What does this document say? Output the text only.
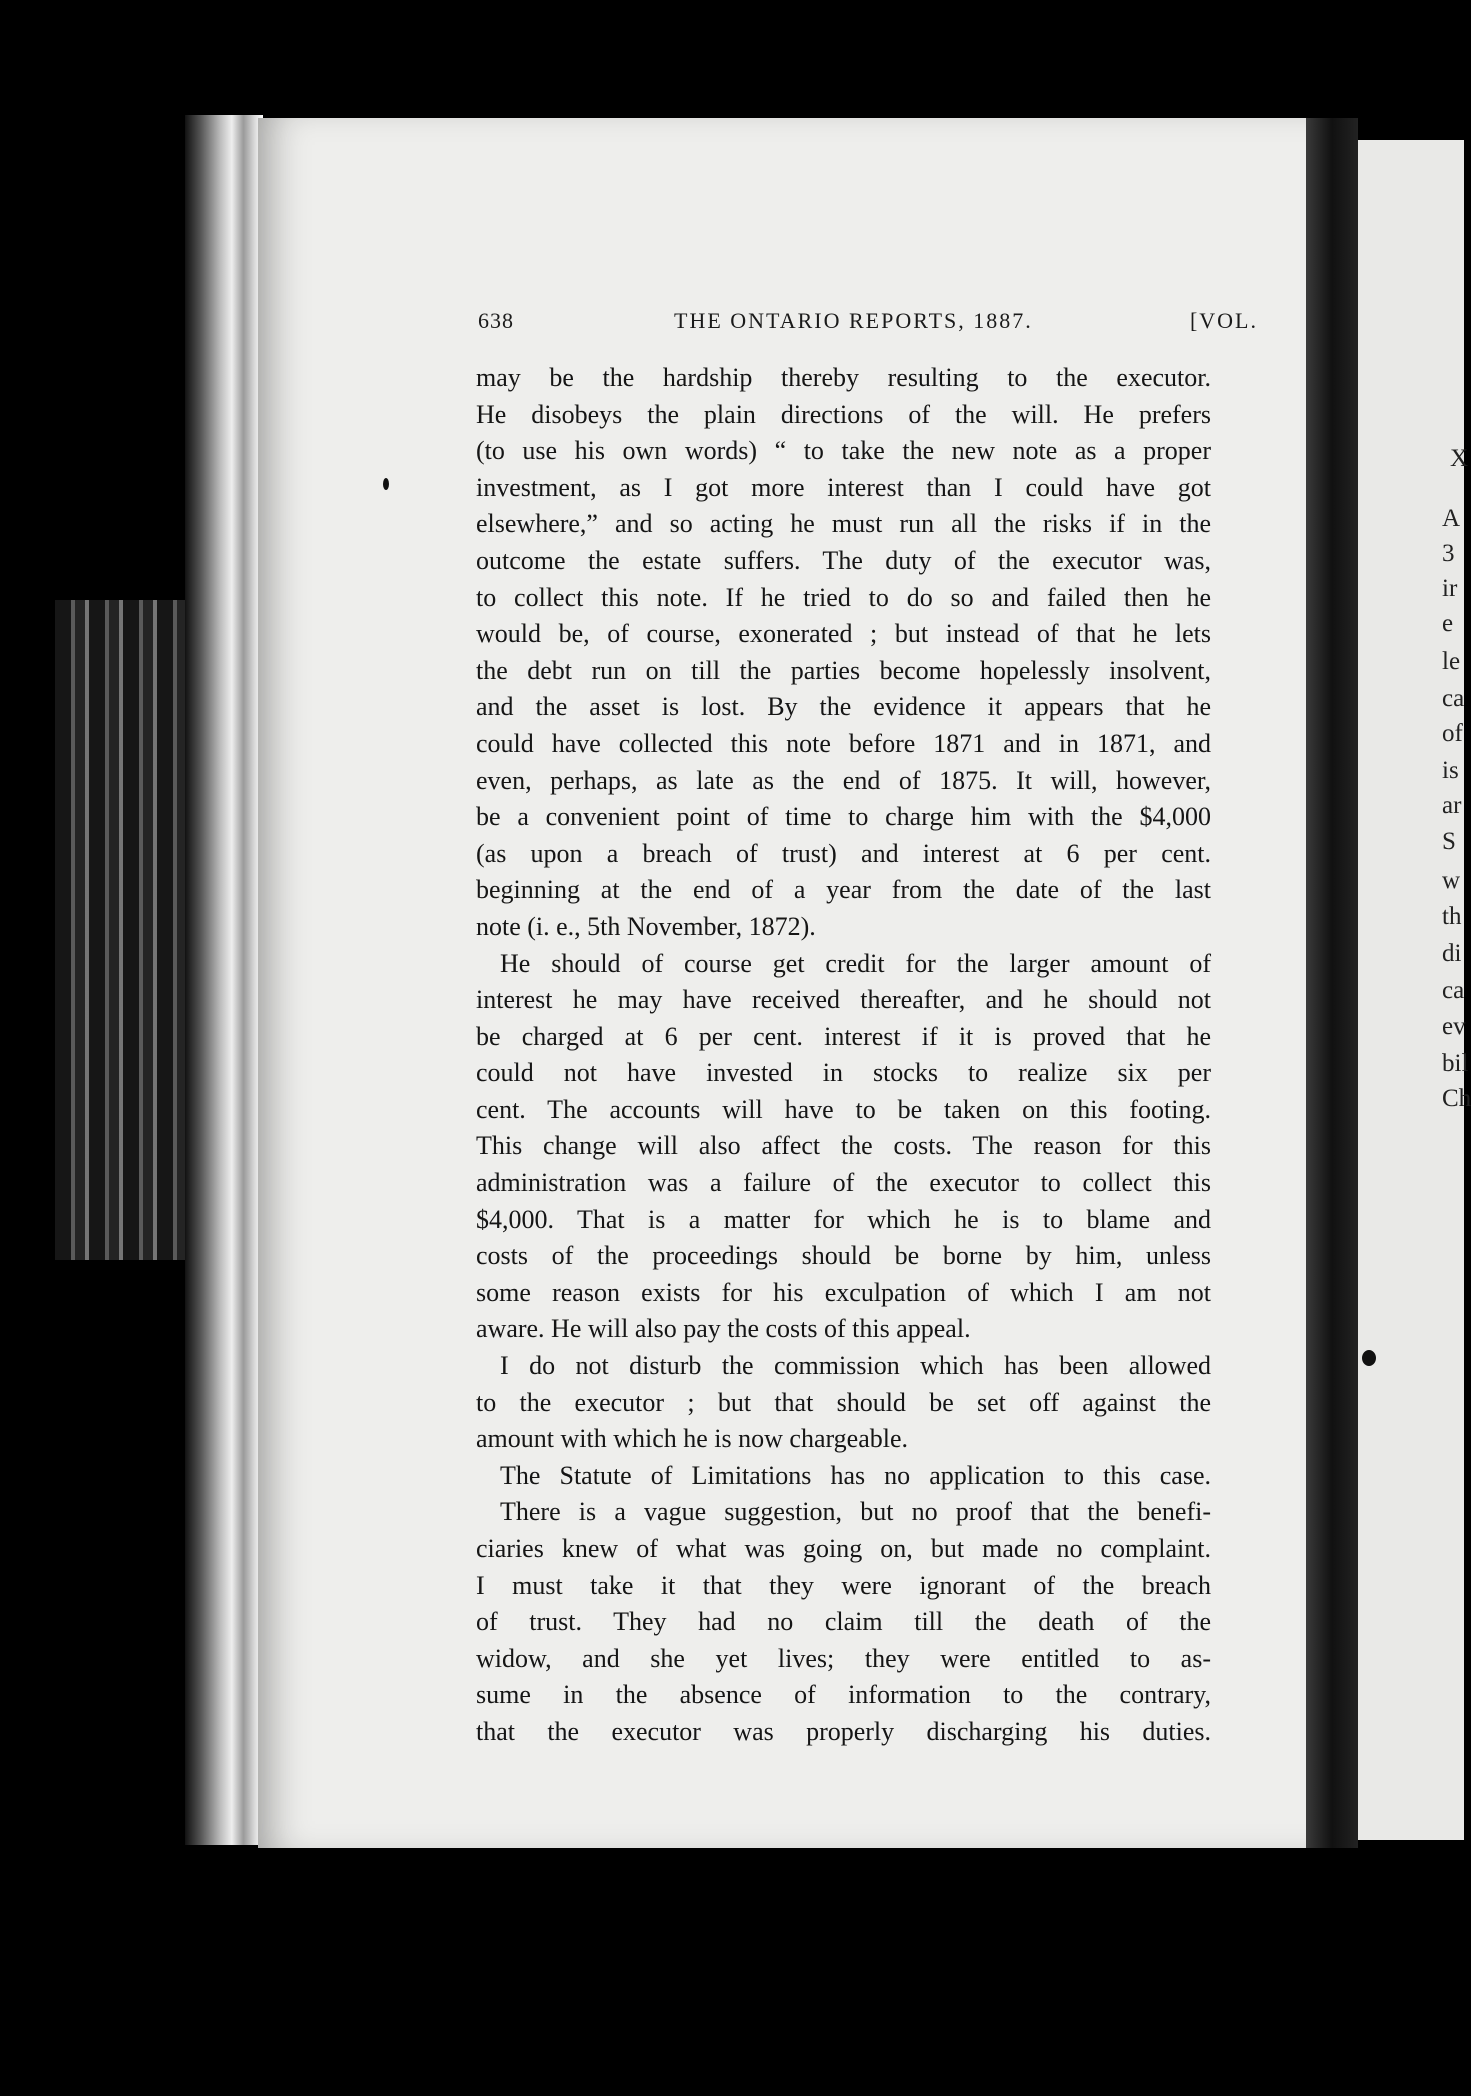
638	THE ONTARIO REPORTS, 1887.	[VOL.
may be the hardship thereby resulting to the executor.
He disobeys the plain directions of the will. He prefers
(to use his own words) “ to take the new note as a proper
investment, as I got more interest than I could have got
elsewhere,” and so acting he must run all the risks if in the
outcome the estate suffers. The duty of the executor was,
to collect this note. If he tried to do so and failed then he
would be, of course, exonerated ; but instead of that he lets
the debt run on till the parties become hopelessly insolvent,
and the asset is lost. By the evidence it appears that he
could have collected this note before 1871 and in 1871, and
even, perhaps, as late as the end of 1875. It will, however,
be a convenient point of time to charge him with the $4,000
(as upon a breach of trust) and interest at 6 per cent.
beginning at the end of a year from the date of the last
note (i. e., 5th November, 1872).
He should of course get credit for the larger amount of
interest he may have received thereafter, and he should not
be charged at 6 per cent. interest if it is proved that he
could not have invested in stocks to realize six per
cent. The accounts will have to be taken on this footing.
This change will also affect the costs. The reason for this
administration was a failure of the executor to collect this
$4,000. That is a matter for which he is to blame and
costs of the proceedings should be borne by him, unless
some reason exists for his exculpation of which I am not
aware. He will also pay the costs of this appeal.
I do not disturb the commission which has been allowed
to the executor ; but that should be set off against the
amount with which he is now chargeable.
The Statute of Limitations has no application to this case.
There is a vague suggestion, but no proof that the benefi-
ciaries knew of what was going on, but made no complaint.
I must take it that they were ignorant of the breach
of trust. They had no claim till the death of the
widow, and she yet lives; they were entitled to as-
sume in the absence of information to the contrary,
that the executor was properly discharging his duties.
X
A
3
ir
e
le
ca
of
is
ar
S
w
th
di
ca
ev
bil
Ch
